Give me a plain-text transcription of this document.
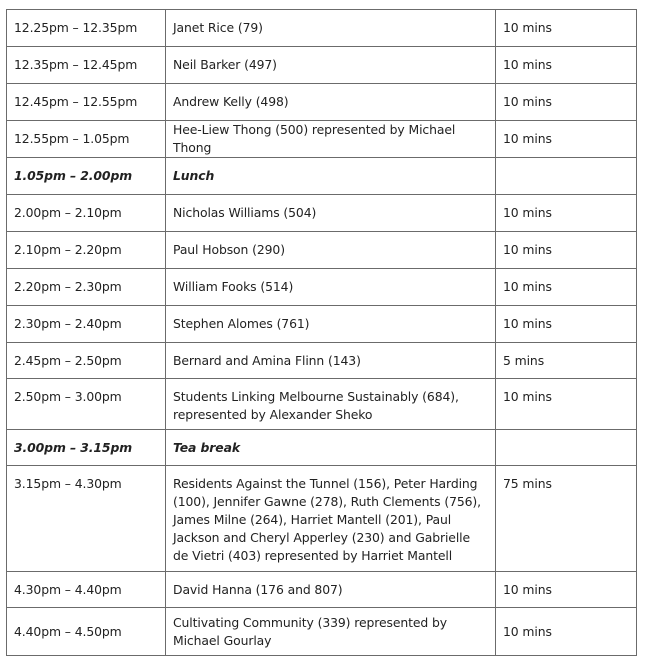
12.25pm – 12.35pm	Janet Rice (79)	10 mins
12.35pm – 12.45pm	Neil Barker (497)	10 mins
12.45pm – 12.55pm	Andrew Kelly (498)	10 mins
12.55pm – 1.05pm	Hee-Liew Thong (500) represented by Michael Thong	10 mins
1.05pm – 2.00pm	Lunch	
2.00pm – 2.10pm	Nicholas Williams (504)	10 mins
2.10pm – 2.20pm	Paul Hobson (290)	10 mins
2.20pm – 2.30pm	William Fooks (514)	10 mins
2.30pm – 2.40pm	Stephen Alomes (761)	10 mins
2.45pm – 2.50pm	Bernard and Amina Flinn (143)	5 mins
2.50pm – 3.00pm	Students Linking Melbourne Sustainably (684), represented by Alexander Sheko	10 mins
3.00pm – 3.15pm	Tea break	
3.15pm – 4.30pm	Residents Against the Tunnel (156), Peter Harding (100), Jennifer Gawne (278), Ruth Clements (756), James Milne (264), Harriet Mantell (201), Paul Jackson and Cheryl Apperley (230) and Gabrielle de Vietri (403) represented by Harriet Mantell	75 mins
4.30pm – 4.40pm	David Hanna (176 and 807)	10 mins
4.40pm – 4.50pm	Cultivating Community (339) represented by Michael Gourlay	10 mins
